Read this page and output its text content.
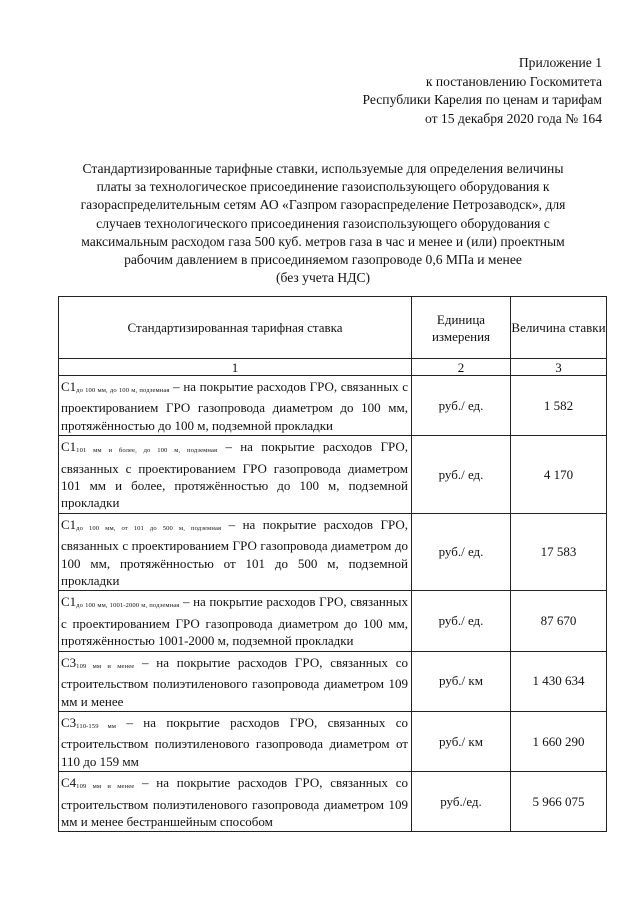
Приложение 1
к постановлению Госкомитета
Республики Карелия по ценам и тарифам
от 15 декабря 2020 года № 164
Стандартизированные тарифные ставки, используемые для определения величины
платы за технологическое присоединение газоиспользующего оборудования к
газораспределительным сетям АО «Газпром газораспределение Петрозаводск», для
случаев технологического присоединения газоиспользующего оборудования с
максимальным расходом газа 500 куб. метров газа в час и менее и (или) проектным
рабочим давлением в присоединяемом газопроводе 0,6 МПа и менее
(без учета НДС)
Стандартизированная тарифная ставка	Единица измерения	Величина ставки
1	2	3
С1до 100 мм, до 100 м, подземная – на покрытие расходов ГРО, связанных с проектированием ГРО газопровода диаметром до 100 мм, протяжённостью до 100 м, подземной прокладки	руб./ ед.	1 582
С1101 мм и более, до 100 м, подземная – на покрытие расходов ГРО, связанных с проектированием ГРО газопровода диаметром 101 мм и более, протяжённостью до 100 м, подземной прокладки	руб./ ед.	4 170
С1до 100 мм, от 101 до 500 м, подземная – на покрытие расходов ГРО, связанных с проектированием ГРО газопровода диаметром до 100 мм, протяжённостью от 101 до 500 м, подземной прокладки	руб./ ед.	17 583
С1до 100 мм, 1001-2000 м, подземная – на покрытие расходов ГРО, связанных с проектированием ГРО газопровода диаметром до 100 мм, протяжённостью 1001-2000 м, подземной прокладки	руб./ ед.	87 670
С3109 мм и менее – на покрытие расходов ГРО, связанных со строительством полиэтиленового газопровода диаметром 109 мм и менее	руб./ км	1 430 634
С3110-159 мм – на покрытие расходов ГРО, связанных со строительством полиэтиленового газопровода диаметром от 110 до 159 мм	руб./ км	1 660 290
С4109 мм и менее – на покрытие расходов ГРО, связанных со строительством полиэтиленового газопровода диаметром 109 мм и менее бестраншейным способом	руб./ед.	5 966 075
